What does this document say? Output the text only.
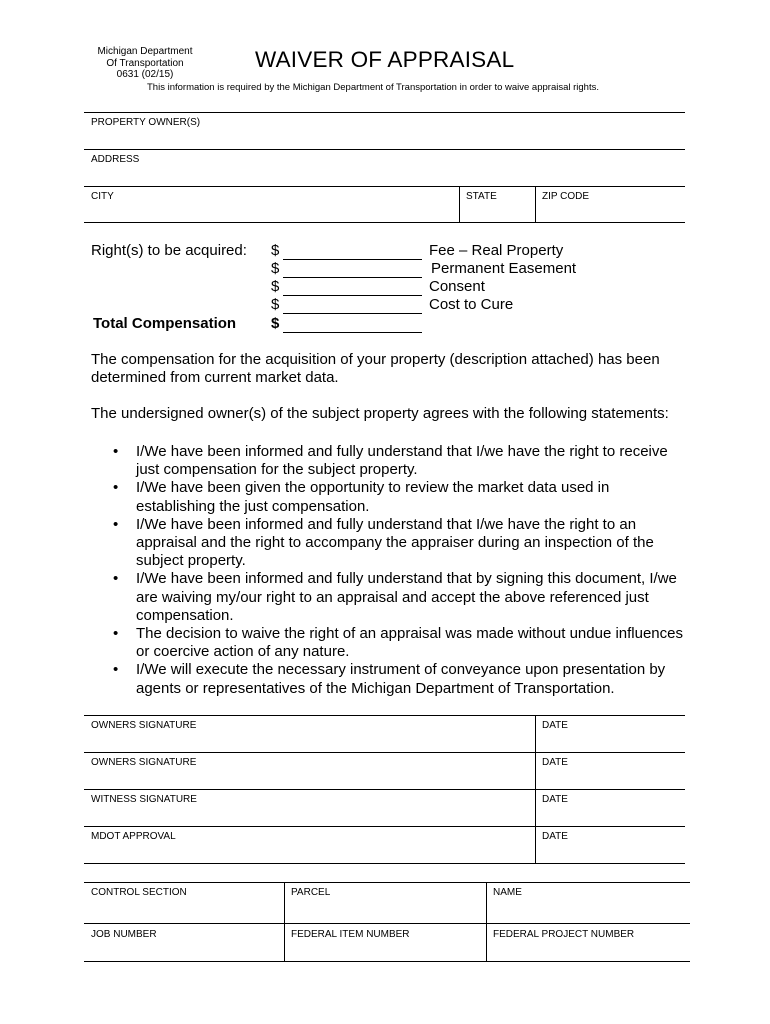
Michigan Department
Of Transportation
0631 (02/15)
WAIVER OF APPRAISAL
This information is required by the Michigan Department of Transportation in order to waive appraisal rights.
PROPERTY OWNER(S)
ADDRESS
CITY	STATE	ZIP CODE
Right(s) to be acquired: $	Fee – Real Property
$	Permanent Easement
$	Consent
$	Cost to Cure
Total Compensation $
The compensation for the acquisition of your property (description attached) has been determined from current market data.
The undersigned owner(s) of the subject property agrees with the following statements:
• I/We have been informed and fully understand that I/we have the right to receive just compensation for the subject property.
• I/We have been given the opportunity to review the market data used in establishing the just compensation.
• I/We have been informed and fully understand that I/we have the right to an appraisal and the right to accompany the appraiser during an inspection of the subject property.
• I/We have been informed and fully understand that by signing this document, I/we are waiving my/our right to an appraisal and accept the above referenced just compensation.
• The decision to waive the right of an appraisal was made without undue influences or coercive action of any nature.
• I/We will execute the necessary instrument of conveyance upon presentation by agents or representatives of the Michigan Department of Transportation.
OWNERS SIGNATURE	DATE
OWNERS SIGNATURE	DATE
WITNESS SIGNATURE	DATE
MDOT APPROVAL	DATE
CONTROL SECTION	PARCEL	NAME
JOB NUMBER	FEDERAL ITEM NUMBER	FEDERAL PROJECT NUMBER
